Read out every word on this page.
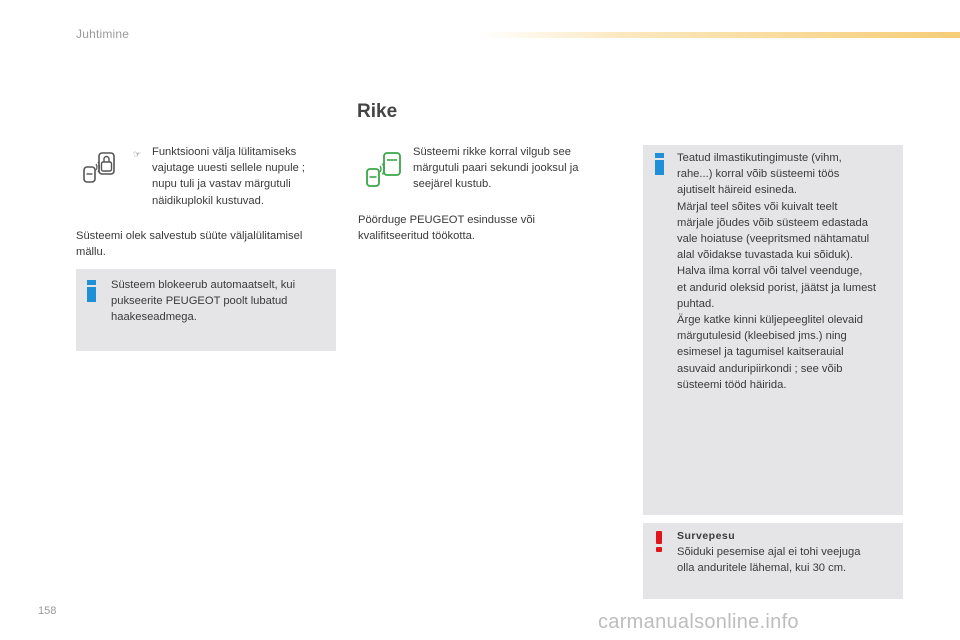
Juhtimine
☞ Funktsiooni välja lülitamiseks
vajutage uuesti sellele nupule ;
nupu tuli ja vastav märgutuli
näidikuplokil kustuvad.
Süsteemi olek salvestub süüte väljalülitamisel
mällu.
Süsteem blokeerub automaatselt, kui
pukseerite PEUGEOT poolt lubatud
haakeseadmega.
Rike
Süsteemi rikke korral vilgub see
märgutuli paari sekundi jooksul ja
seejärel kustub.
Pöörduge PEUGEOT esindusse või
kvalifitseeritud töökotta.
Teatud ilmastikutingimuste (vihm,
rahe...) korral võib süsteemi töös
ajutiselt häireid esineda.
Märjal teel sõites või kuivalt teelt
märjale jõudes võib süsteem edastada
vale hoiatuse (veepritsmed nähtamatul
alal võidakse tuvastada kui sõiduk).
Halva ilma korral või talvel veenduge,
et andurid oleksid porist, jäätst ja lumest
puhtad.
Ärge katke kinni küljepeeglitel olevaid
märgutulesid (kleebised jms.) ning
esimesel ja tagumisel kaitserauial
asuvaid anduripiirkondi ; see võib
süsteemi tööd häirida.
Survepesu
Sõiduki pesemise ajal ei tohi veejuga
olla anduritele lähemal, kui 30 cm.
158	carmanualsonline.info
